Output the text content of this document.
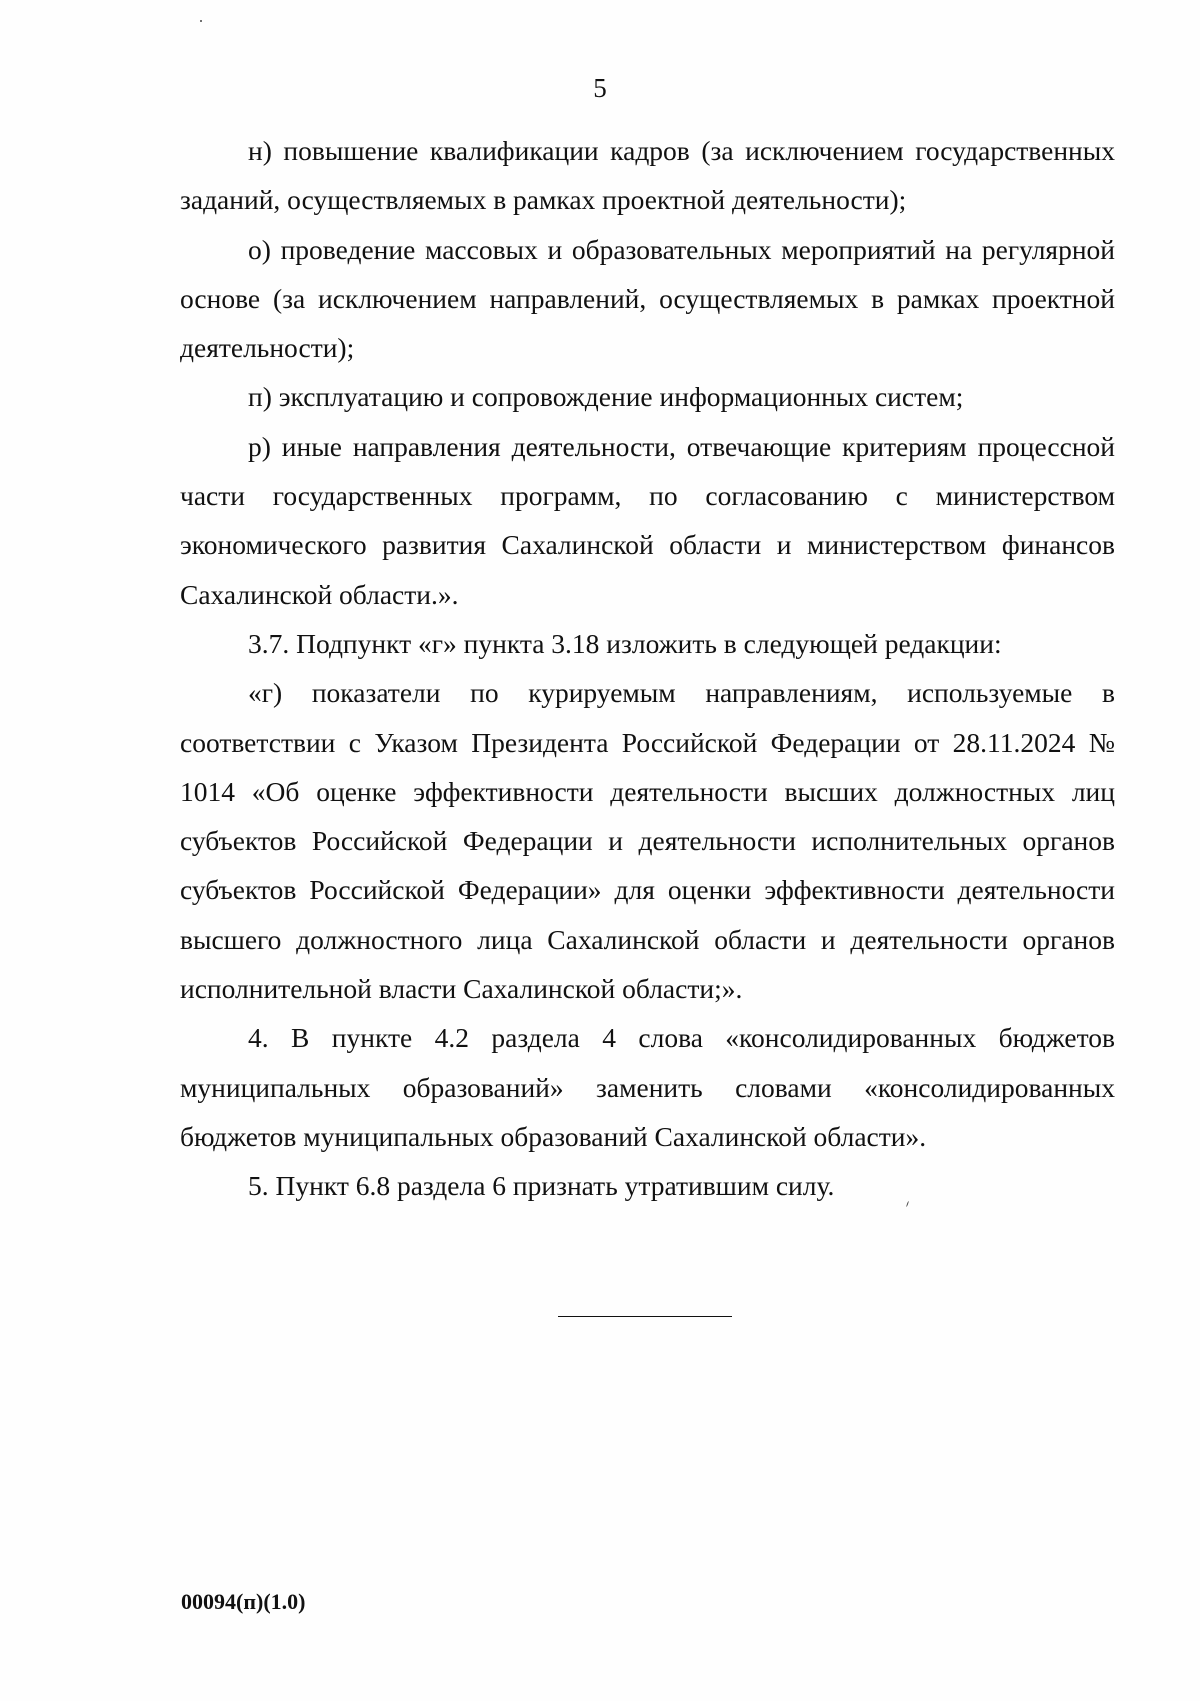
5

н) повышение квалификации кадров (за исключением государственных заданий, осуществляемых в рамках проектной деятельности);

о) проведение массовых и образовательных мероприятий на регулярной основе (за исключением направлений, осуществляемых в рамках проектной деятельности);

п) эксплуатацию и сопровождение информационных систем;

р) иные направления деятельности, отвечающие критериям процессной части государственных программ, по согласованию с министерством экономического развития Сахалинской области и министерством финансов Сахалинской области.».

3.7. Подпункт «г» пункта 3.18 изложить в следующей редакции:

«г) показатели по курируемым направлениям, используемые в соответствии с Указом Президента Российской Федерации от 28.11.2024 № 1014 «Об оценке эффективности деятельности высших должностных лиц субъектов Российской Федерации и деятельности исполнительных органов субъектов Российской Федерации» для оценки эффективности деятельности высшего должностного лица Сахалинской области и деятельности органов исполнительной власти Сахалинской области;».

4. В пункте 4.2 раздела 4 слова «консолидированных бюджетов муниципальных образований» заменить словами «консолидированных бюджетов муниципальных образований Сахалинской области».

5. Пункт 6.8 раздела 6 признать утратившим силу.

00094(п)(1.0)
